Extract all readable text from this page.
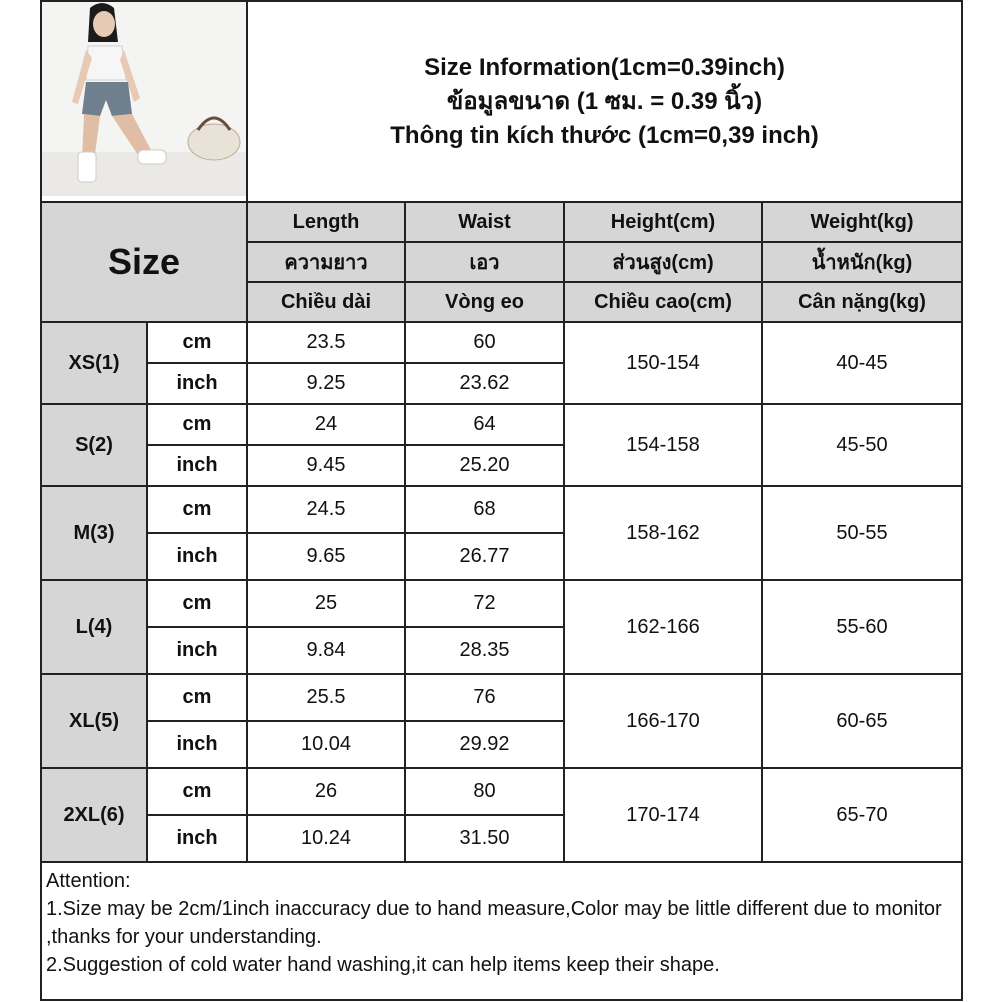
Size Information(1cm=0.39inch)
ข้อมูลขนาด (1 ซม. = 0.39 นิ้ว)
Thông tin kích thước (1cm=0,39 inch)			

Size		Length	Waist	Height(cm)	Weight(kg)
		ความยาว	เอว	ส่วนสูง(cm)	น้ำหนัก(kg)
		Chiều dài	Vòng eo	Chiều cao(cm)	Cân nặng(kg)
XS(1)	cm	23.5	60	150-154	40-45
	inch	9.25	23.62		
S(2)	cm	24	64	154-158	45-50
	inch	9.45	25.20		
M(3)	cm	24.5	68	158-162	50-55
	inch	9.65	26.77		
L(4)	cm	25	72	162-166	55-60
	inch	9.84	28.35		
XL(5)	cm	25.5	76	166-170	60-65
	inch	10.04	29.92		
2XL(6)	cm	26	80	170-174	65-70
	inch	10.24	31.50		

Attention:
1.Size may be 2cm/1inch inaccuracy due to hand measure,Color may be little different due to monitor ,thanks for your understanding.
2.Suggestion of cold water hand washing,it can help items keep their shape.					
